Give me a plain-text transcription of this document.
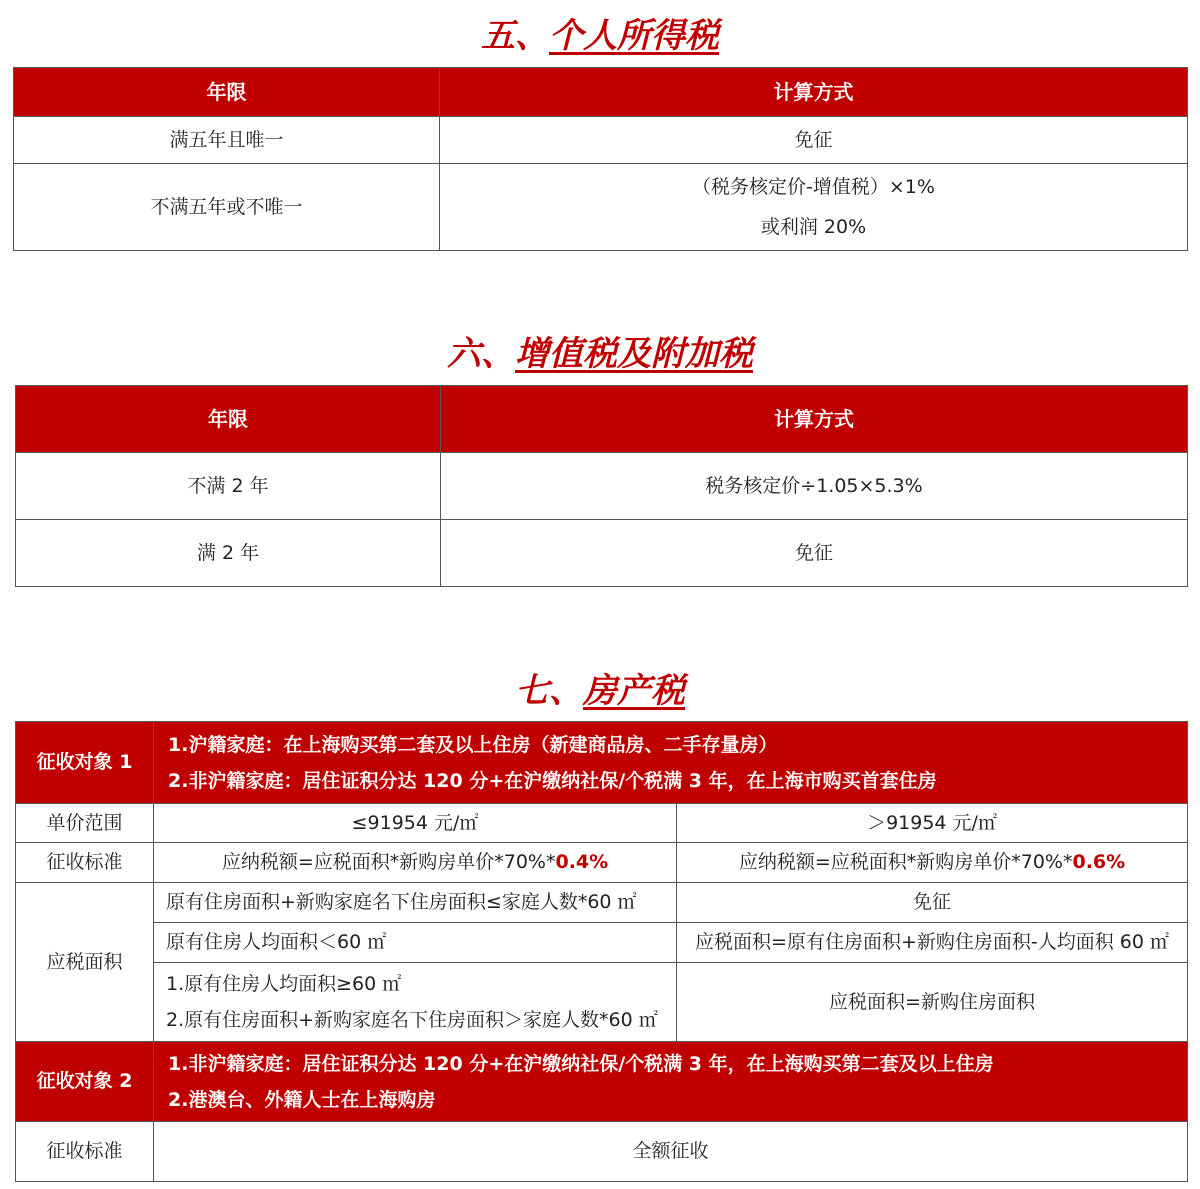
五、个人所得税
年限	计算方式
满五年且唯一	免征
不满五年或不唯一	（税务核定价-增值税）×1%
或利润 20%
六、增值税及附加税
年限	计算方式
不满 2 年	税务核定价÷1.05×5.3%
满 2 年	免征
七、房产税
征收对象 1	1.沪籍家庭：在上海购买第二套及以上住房（新建商品房、二手存量房）
2.非沪籍家庭：居住证积分达 120 分+在沪缴纳社保/个税满 3 年，在上海市购买首套住房	

单价范围	≤91954 元/㎡	＞91954 元/㎡
征收标准	应纳税额=应税面积*新购房单价*70%*0.4%	应纳税额=应税面积*新购房单价*70%*0.6%
应税面积	原有住房面积+新购家庭名下住房面积≤家庭人数*60 ㎡	免征
	原有住房人均面积＜60 ㎡	应税面积=原有住房面积+新购住房面积-人均面积 60 ㎡

	1.原有住房人均面积≥60 ㎡
2.原有住房面积+新购家庭名下住房面积＞家庭人数*60 ㎡	应税面积=新购住房面积
征收对象 2	1.非沪籍家庭：居住证积分达 120 分+在沪缴纳社保/个税满 3 年，在上海购买第二套及以上住房
2.港澳台、外籍人士在上海购房	

征收标准	全额征收	
